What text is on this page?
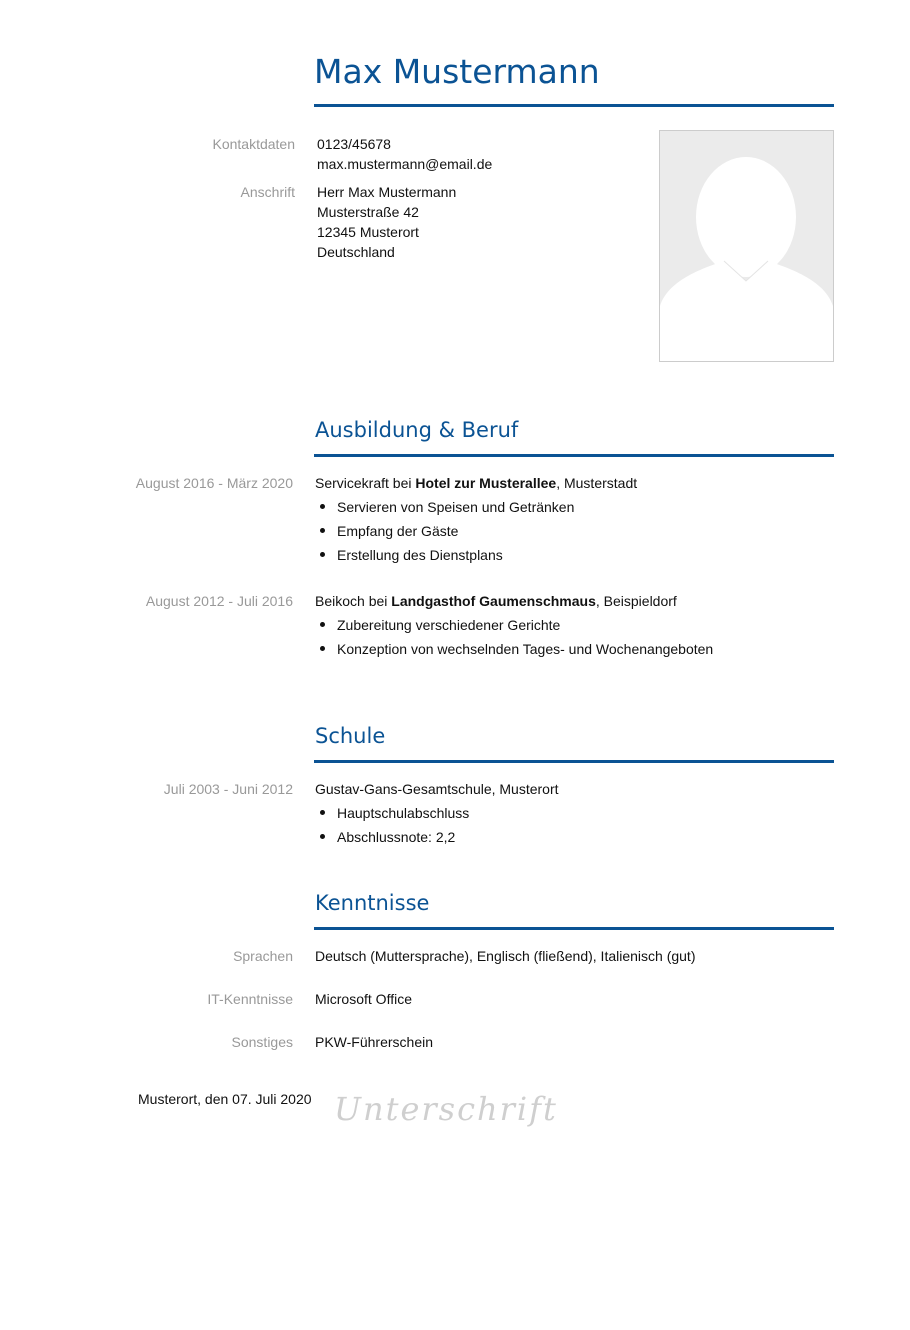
Max Mustermann
Kontaktdaten 0123/45678
max.mustermann@email.de
Anschrift Herr Max Mustermann
Musterstraße 42
12345 Musterort
Deutschland
Ausbildung & Beruf
August 2016 - März 2020 Servicekraft bei Hotel zur Musterallee, Musterstadt
Servieren von Speisen und Getränken
Empfang der Gäste
Erstellung des Dienstplans
August 2012 - Juli 2016 Beikoch bei Landgasthof Gaumenschmaus, Beispieldorf
Zubereitung verschiedener Gerichte
Konzeption von wechselnden Tages- und Wochenangeboten
Schule
Juli 2003 - Juni 2012 Gustav-Gans-Gesamtschule, Musterort
Hauptschulabschluss
Abschlussnote: 2,2
Kenntnisse
Sprachen Deutsch (Muttersprache), Englisch (fließend), Italienisch (gut)
IT-Kenntnisse Microsoft Office
Sonstiges PKW-Führerschein
Musterort, den 07. Juli 2020 Unterschrift
